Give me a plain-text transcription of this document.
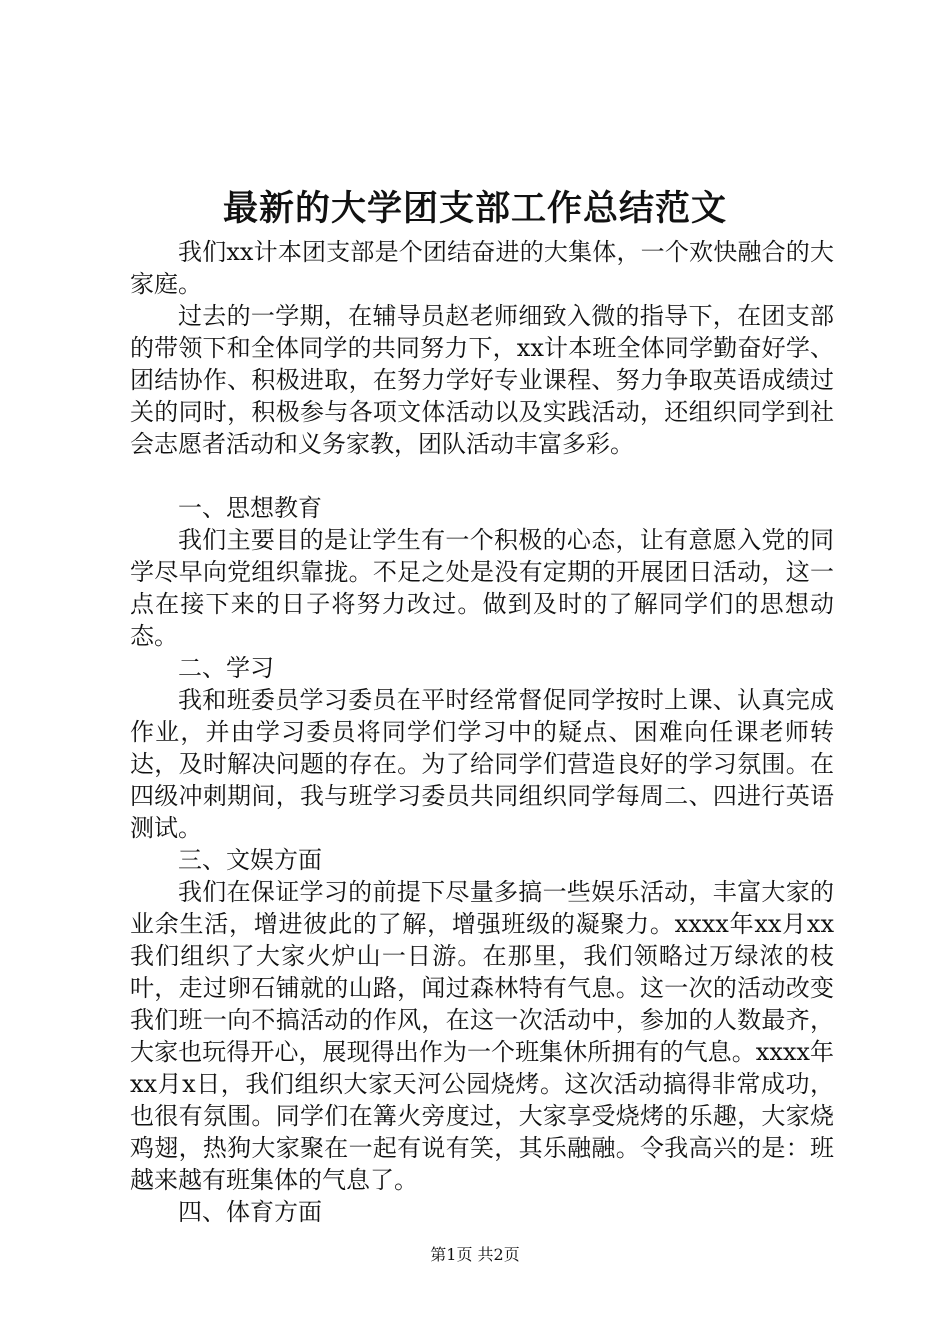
最新的大学团支部工作总结范文

我们xx计本团支部是个团结奋进的大集体，一个欢快融合的大家庭。

过去的一学期，在辅导员赵老师细致入微的指导下，在团支部的带领下和全体同学的共同努力下，xx计本班全体同学勤奋好学、团结协作、积极进取，在努力学好专业课程、努力争取英语成绩过关的同时，积极参与各项文体活动以及实践活动，还组织同学到社会志愿者活动和义务家教，团队活动丰富多彩。

一、思想教育

我们主要目的是让学生有一个积极的心态，让有意愿入党的同学尽早向党组织靠拢。不足之处是没有定期的开展团日活动，这一点在接下来的日子将努力改过。做到及时的了解同学们的思想动态。

二、学习

我和班委员学习委员在平时经常督促同学按时上课、认真完成作业，并由学习委员将同学们学习中的疑点、困难向任课老师转达，及时解决问题的存在。为了给同学们营造良好的学习氛围。在四级冲刺期间，我与班学习委员共同组织同学每周二、四进行英语测试。

三、文娱方面

我们在保证学习的前提下尽量多搞一些娱乐活动，丰富大家的业余生活，增进彼此的了解，增强班级的凝聚力。xxxx年xx月xx我们组织了大家火炉山一日游。在那里，我们领略过万绿浓的枝叶，走过卵石铺就的山路，闻过森林特有气息。这一次的活动改变我们班一向不搞活动的作风，在这一次活动中，参加的人数最齐，大家也玩得开心，展现得出作为一个班集休所拥有的气息。xxxx年xx月x日，我们组织大家天河公园烧烤。这次活动搞得非常成功，也很有氛围。同学们在篝火旁度过，大家享受烧烤的乐趣，大家烧鸡翅，热狗大家聚在一起有说有笑，其乐融融。令我高兴的是：班越来越有班集体的气息了。

四、体育方面

第1页 共2页
